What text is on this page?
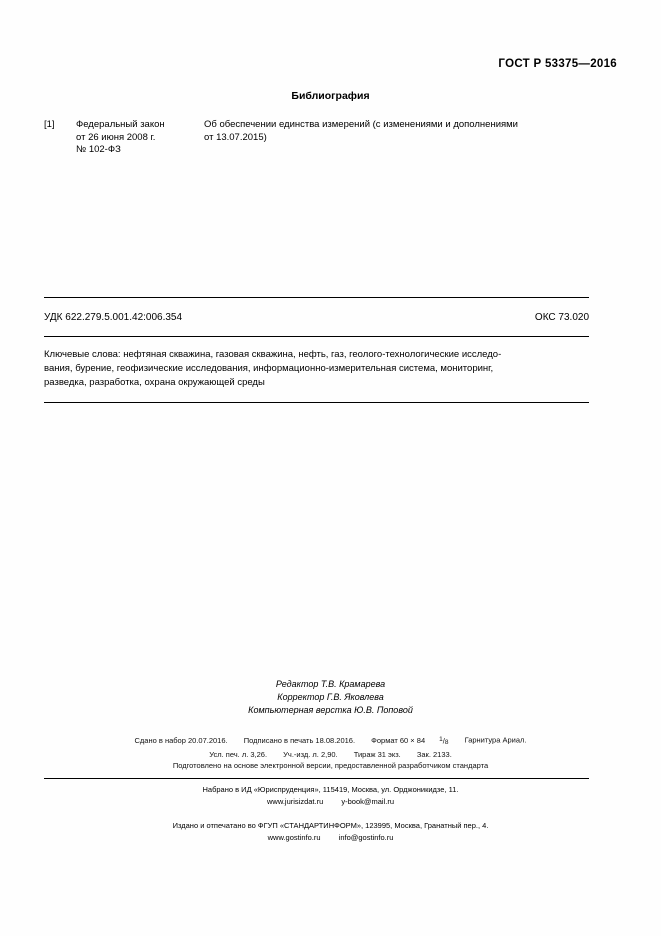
ГОСТ Р 53375—2016
Библиография
[1]	Федеральный закон
от 26 июня 2008 г.
№ 102-ФЗ
Об обеспечении единства измерений (с изменениями и дополнениями
от 13.07.2015)
УДК 622.279.5.001.42:006.354	ОКС 73.020
Ключевые слова: нефтяная скважина, газовая скважина, нефть, газ, геолого-технологические исследо-
вания, бурение, геофизические исследования, информационно-измерительная система, мониторинг,
разведка, разработка, охрана окружающей среды
Редактор Т.В. Крамарева
Корректор Г.В. Яковлева
Компьютерная верстка Ю.В. Поповой
Сдано в набор 20.07.2016. Подписано в печать 18.08.2016. Формат 60 × 84 $^1/_8$ Гарнитура Ариал.
Усл. печ. л. 3,26. Уч.-изд. л. 2,90. Тираж 31 экз. Зак. 2133.
Подготовлено на основе электронной версии, предоставленной разработчиком стандарта
Набрано в ИД «Юриспруденция», 115419, Москва, ул. Орджоникидзе, 11.
www.jurisizdat.ru y-book@mail.ru
Издано и отпечатано во ФГУП «СТАНДАРТИНФОРМ», 123995, Москва, Гранатный пер., 4.
www.gostinfo.ru info@gostinfo.ru
